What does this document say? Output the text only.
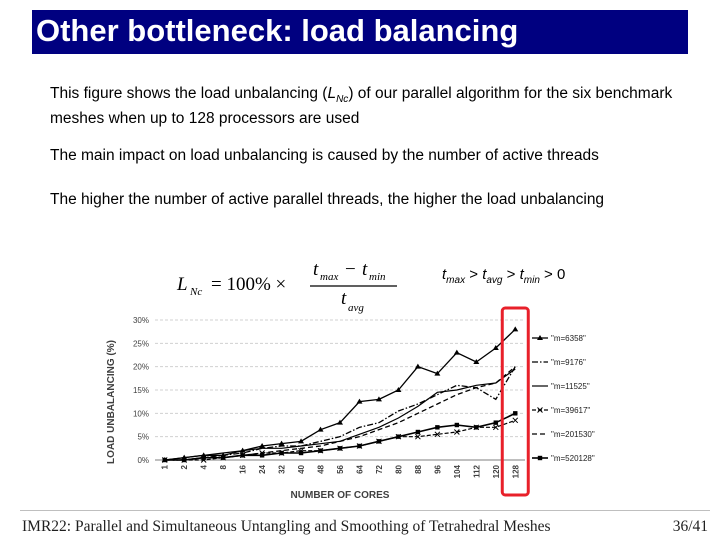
Other bottleneck: load balancing
This figure shows the load unbalancing $(L_{Nc})$ of our parallel algorithm for the six benchmark meshes when up to 128 processors are used
The main impact on load unbalancing is caused by the number of active threads
The higher the number of active parallel threads, the higher the load unbalancing
L Nc = 100% ×
t max − t min
t avg
$t_{max} > t_{avg} > t_{min} > 0$
0%
5%
10%
15%
20%
25%
30%
1 2 4 8 16 24 32 40 48 56 64 72 80 88 96 104 112 120 128
NUMBER OF CORES
LOAD UNBALANCING (%)
"m=6358"
"m=9176"
"m=11525"
"m=39617"
"m=201530"
"m=520128"
IMR22: Parallel and Simultaneous Untangling and Smoothing of Tetrahedral Meshes	36/41
